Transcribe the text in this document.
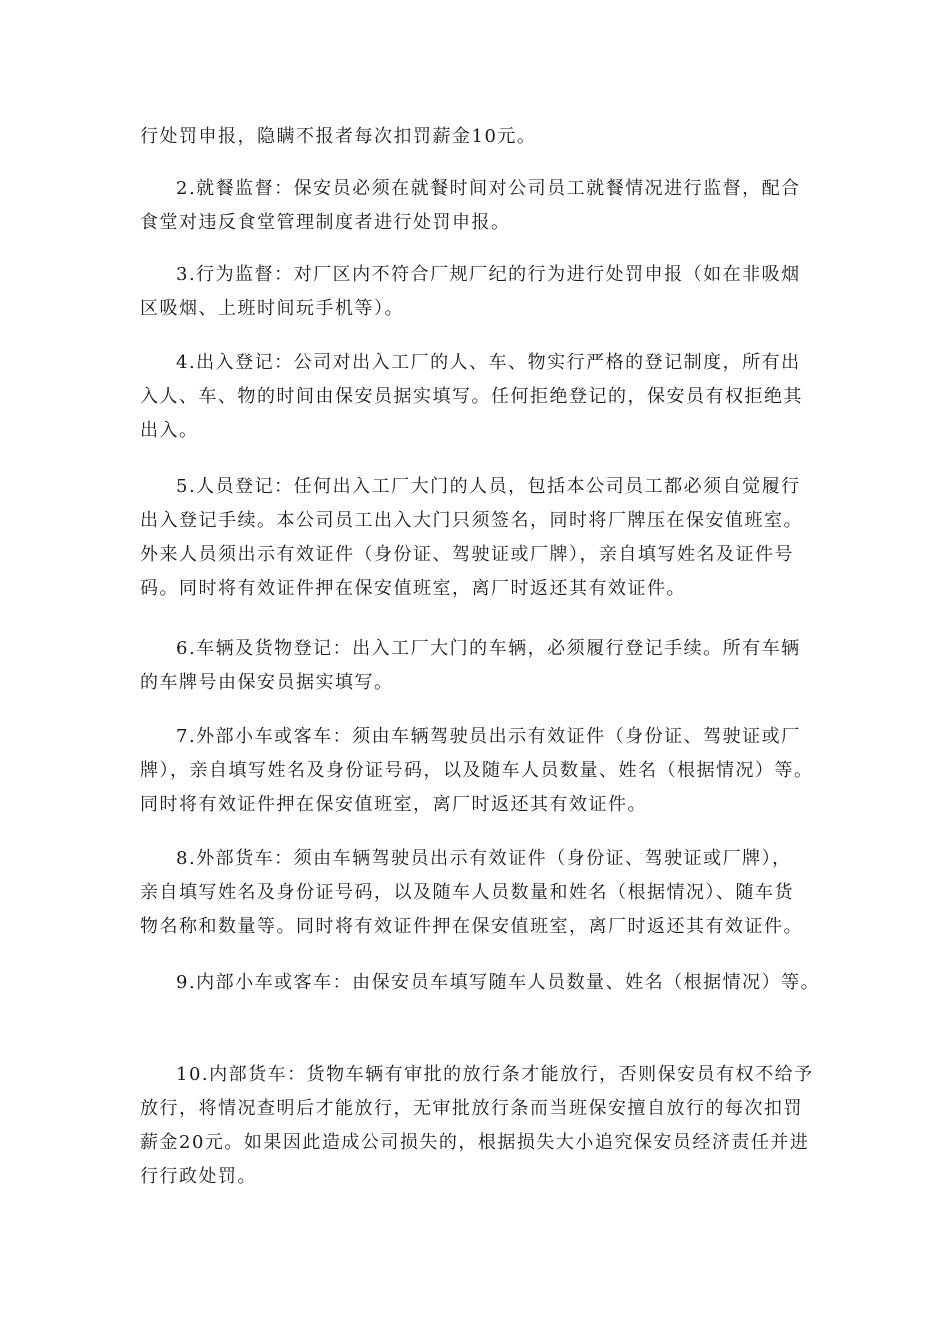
行处罚申报，隐瞒不报者每次扣罚薪金10元。

2.就餐监督：保安员必须在就餐时间对公司员工就餐情况进行监督，配合
食堂对违反食堂管理制度者进行处罚申报。

3.行为监督：对厂区内不符合厂规厂纪的行为进行处罚申报（如在非吸烟
区吸烟、上班时间玩手机等）。

4.出入登记：公司对出入工厂的人、车、物实行严格的登记制度，所有出
入人、车、物的时间由保安员据实填写。任何拒绝登记的，保安员有权拒绝其
出入。

5.人员登记：任何出入工厂大门的人员，包括本公司员工都必须自觉履行
出入登记手续。本公司员工出入大门只须签名，同时将厂牌压在保安值班室。
外来人员须出示有效证件（身份证、驾驶证或厂牌），亲自填写姓名及证件号
码。同时将有效证件押在保安值班室，离厂时返还其有效证件。

6.车辆及货物登记：出入工厂大门的车辆，必须履行登记手续。所有车辆
的车牌号由保安员据实填写。

7.外部小车或客车：须由车辆驾驶员出示有效证件（身份证、驾驶证或厂
牌），亲自填写姓名及身份证号码，以及随车人员数量、姓名（根据情况）等。
同时将有效证件押在保安值班室，离厂时返还其有效证件。

8.外部货车：须由车辆驾驶员出示有效证件（身份证、驾驶证或厂牌），
亲自填写姓名及身份证号码，以及随车人员数量和姓名（根据情况）、随车货
物名称和数量等。同时将有效证件押在保安值班室，离厂时返还其有效证件。

9.内部小车或客车：由保安员车填写随车人员数量、姓名（根据情况）等。

10.内部货车：货物车辆有审批的放行条才能放行，否则保安员有权不给予
放行，将情况查明后才能放行，无审批放行条而当班保安擅自放行的每次扣罚
薪金20元。如果因此造成公司损失的，根据损失大小追究保安员经济责任并进
行行政处罚。
